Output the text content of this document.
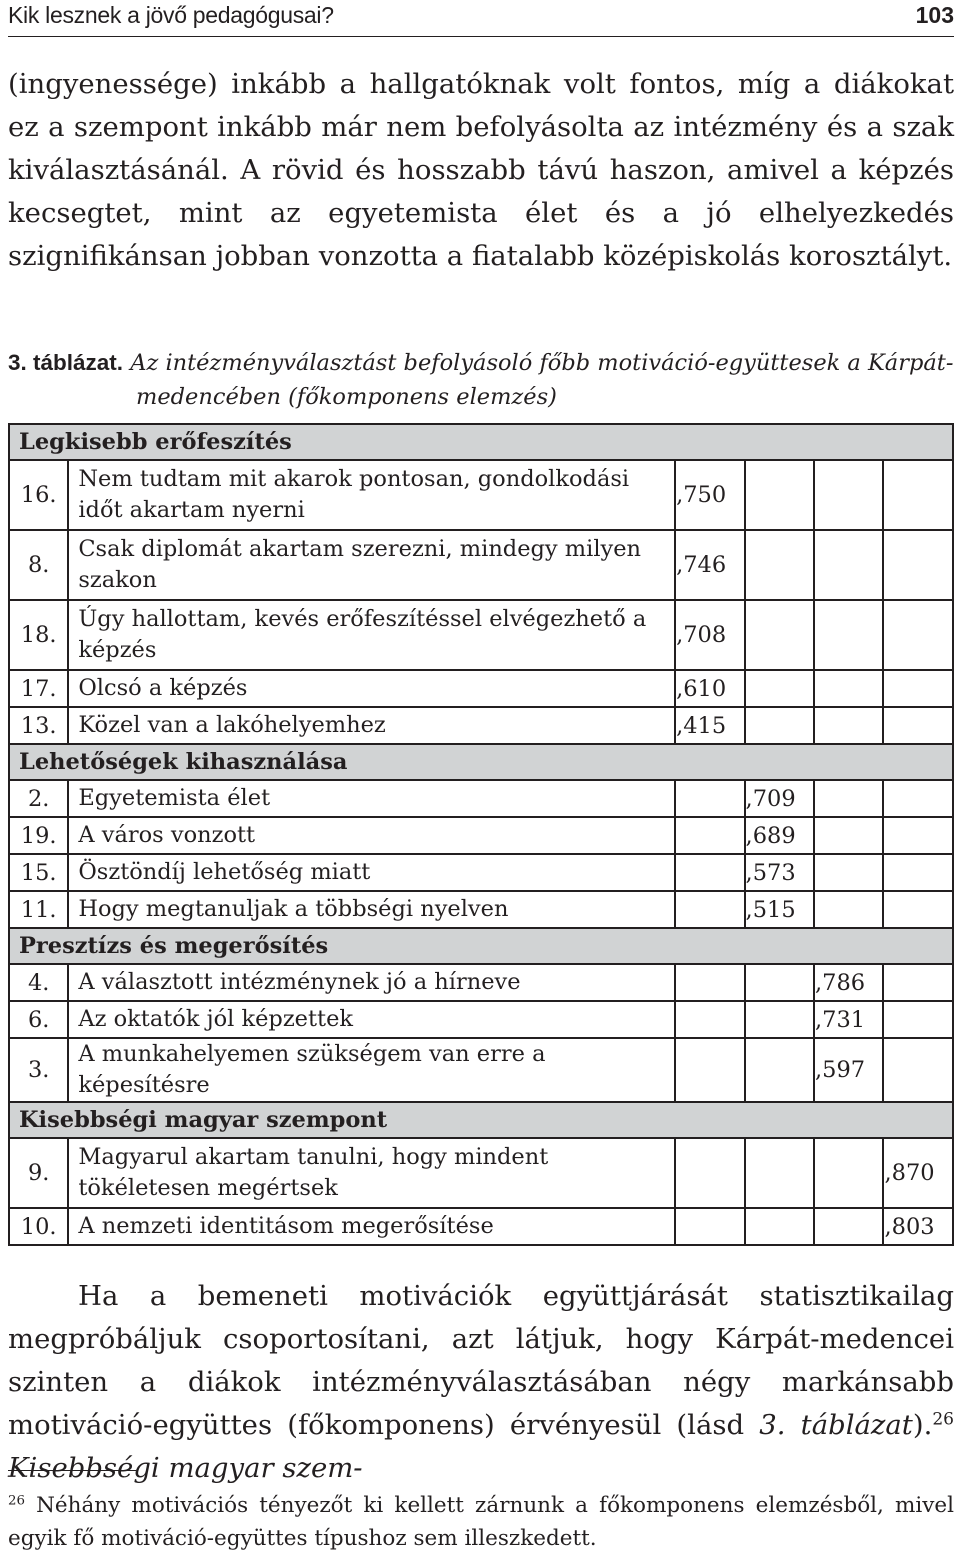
Kik lesznek a jövő pedagógusai?	103

(ingyenessége) inkább a hallgatóknak volt fontos, míg a diákokat ez a szempont inkább már nem befolyásolta az intézmény és a szak kiválasztásánál. A rövid és hosszabb távú haszon, amivel a képzés kecsegtet, mint az egyetemista élet és a jó elhelyezkedés szignifikánsan jobban vonzotta a fiatalabb középiskolás korosztályt.

3. táblázat. Az intézményválasztást befolyásoló főbb motiváció-együttesek a Kárpát-
medencében (főkomponens elemzés)
Legkisebb erőfeszítés					
16.	Nem tudtam mit akarok pontosan, gondolkodási időt akartam nyerni	,750			
8.	Csak diplomát akartam szerezni, mindegy milyen szakon	,746			
18.	Úgy hallottam, kevés erőfeszítéssel elvégezhető a képzés	,708			
17.	Olcsó a képzés	,610			
13.	Közel van a lakóhelyemhez	,415			
Lehetőségek kihasználása					
2.	Egyetemista élet		,709		
19.	A város vonzott		,689		
15.	Ösztöndíj lehetőség miatt		,573		
11.	Hogy megtanuljak a többségi nyelven		,515		
Presztízs és megerősítés					
4.	A választott intézménynek jó a hírneve			,786	
6.	Az oktatók jól képzettek			,731	
3.	A munkahelyemen szükségem van erre a képesítésre			,597	
Kisebbségi magyar szempont					
9.	Magyarul akartam tanulni, hogy mindent tökéletesen megértsek				,870
10.	A nemzeti identitásom megerősítése				,803

Ha a bemeneti motivációk együttjárását statisztikailag megpróbáljuk csoportosítani, azt látjuk, hogy Kárpát-medencei szinten a diákok intézményválasztásában négy markánsabb motiváció-együttes (főkomponens) érvényesül (lásd 3. táblázat).$^{26}$ Kisebbségi magyar szem-

$^{26}$ Néhány motivációs tényezőt ki kellett zárnunk a főkomponens elemzésből, mivel egyik fő motiváció-együttes típushoz sem illeszkedett.
